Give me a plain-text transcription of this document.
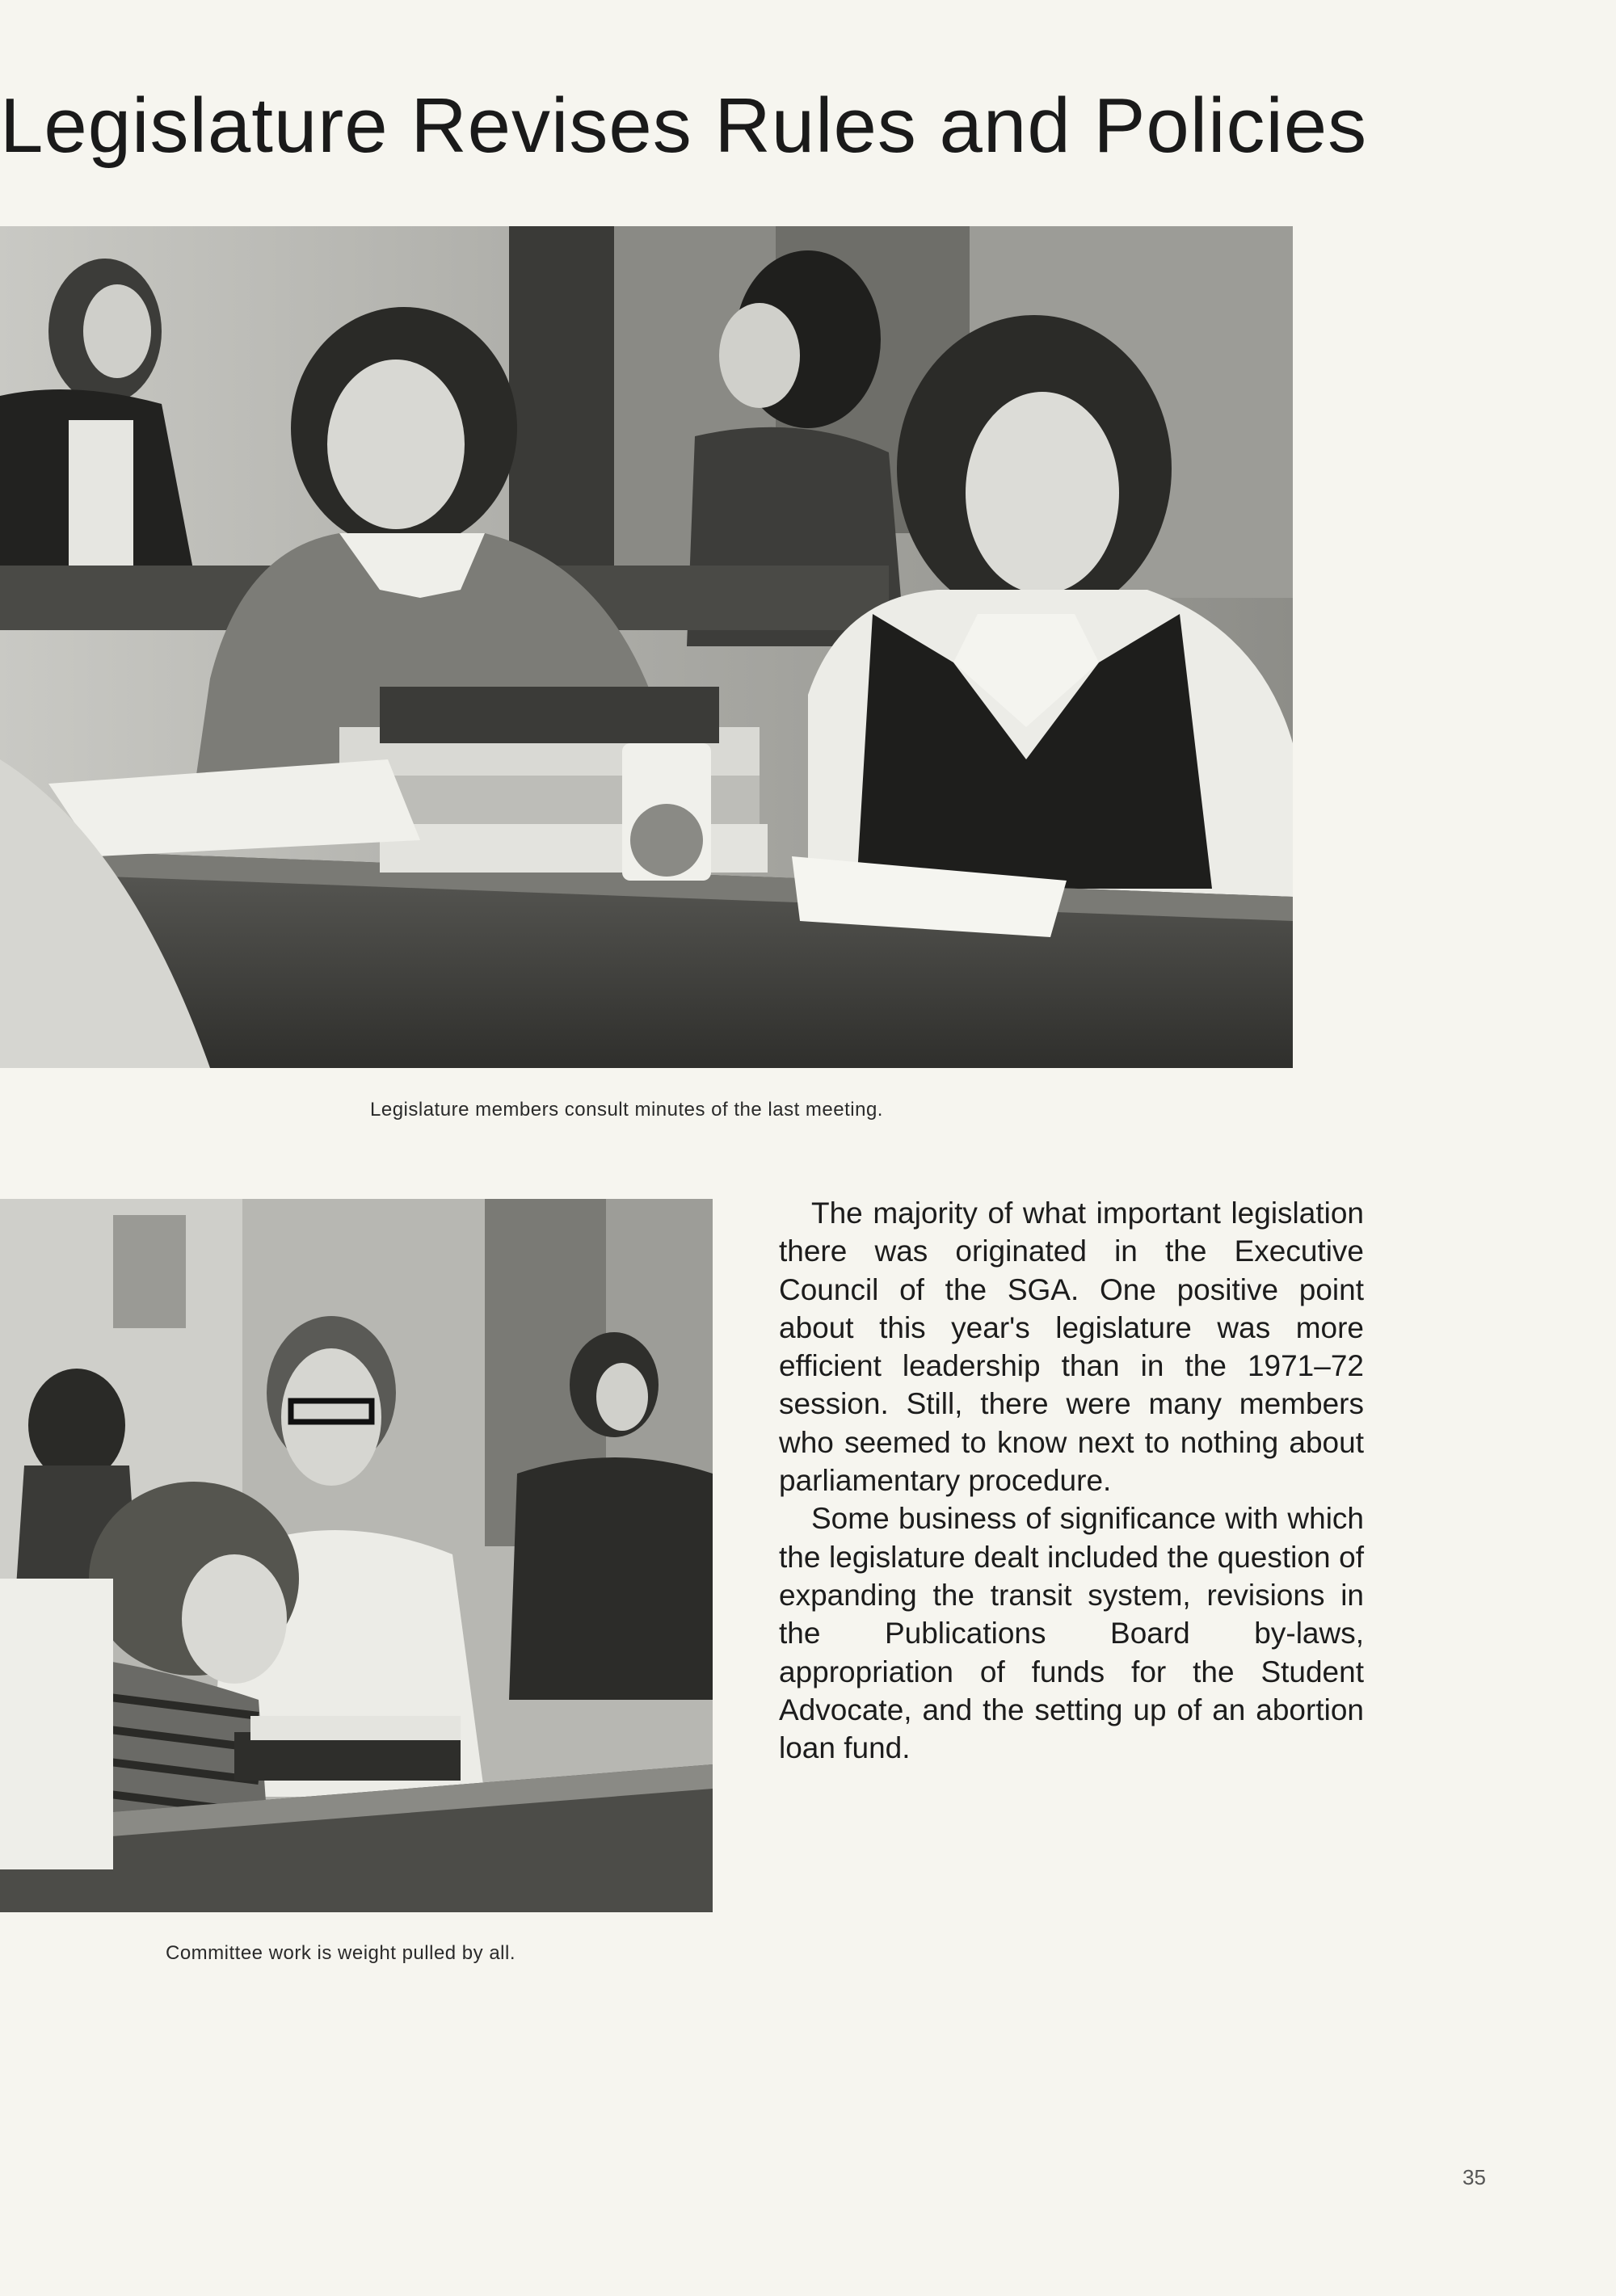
Legislature Revises Rules and Policies

Legislature members consult minutes of the last meeting.

Committee work is weight pulled by all.

The majority of what important legislation there was originated in the Executive Council of the SGA. One positive point about this year's legislature was more efficient leadership than in the 1971–72 session. Still, there were many members who seemed to know next to nothing about parliamentary procedure.

Some business of significance with which the legislature dealt included the question of expanding the transit system, revisions in the Publications Board by-laws, appropriation of funds for the Student Advocate, and the setting up of an abortion loan fund.

35
